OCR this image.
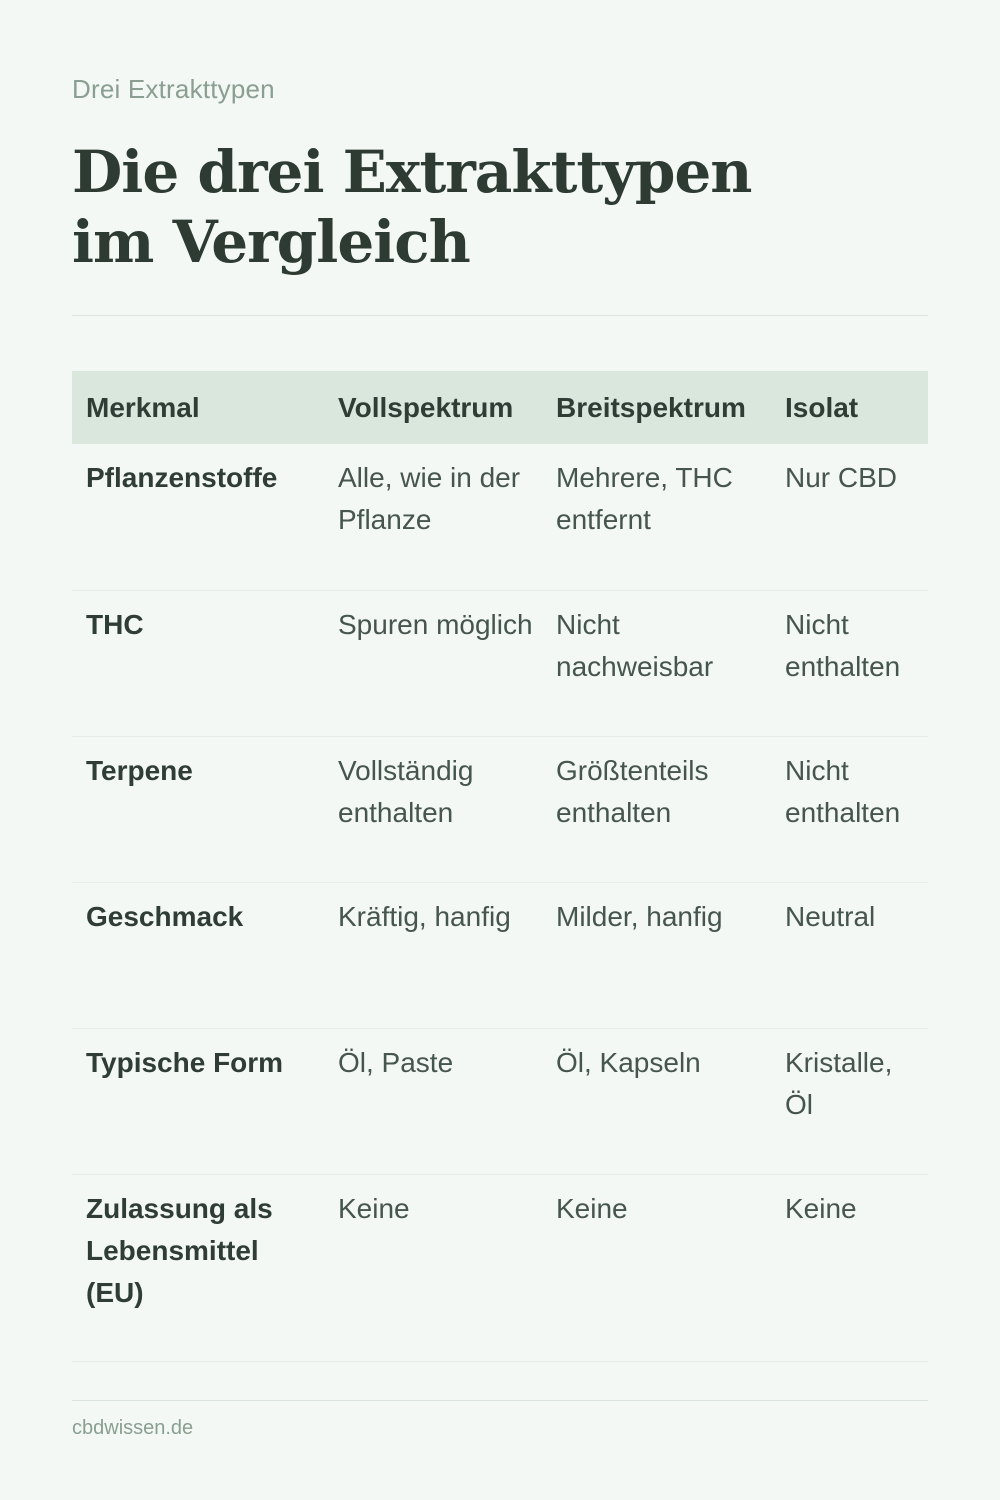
Drei Extrakttypen
Die drei Extrakttypen im Vergleich
Merkmal	Vollspektrum	Breitspektrum	Isolat
Pflanzenstoffe	Alle, wie in der Pflanze	Mehrere, THC entfernt	Nur CBD
THC	Spuren möglich	Nicht nachweisbar	Nicht enthalten
Terpene	Vollständig enthalten	Größtenteils enthalten	Nicht enthalten
Geschmack	Kräftig, hanfig	Milder, hanfig	Neutral
Typische Form	Öl, Paste	Öl, Kapseln	Kristalle, Öl
Zulassung als Lebensmittel (EU)	Keine	Keine	Keine
cbdwissen.de
